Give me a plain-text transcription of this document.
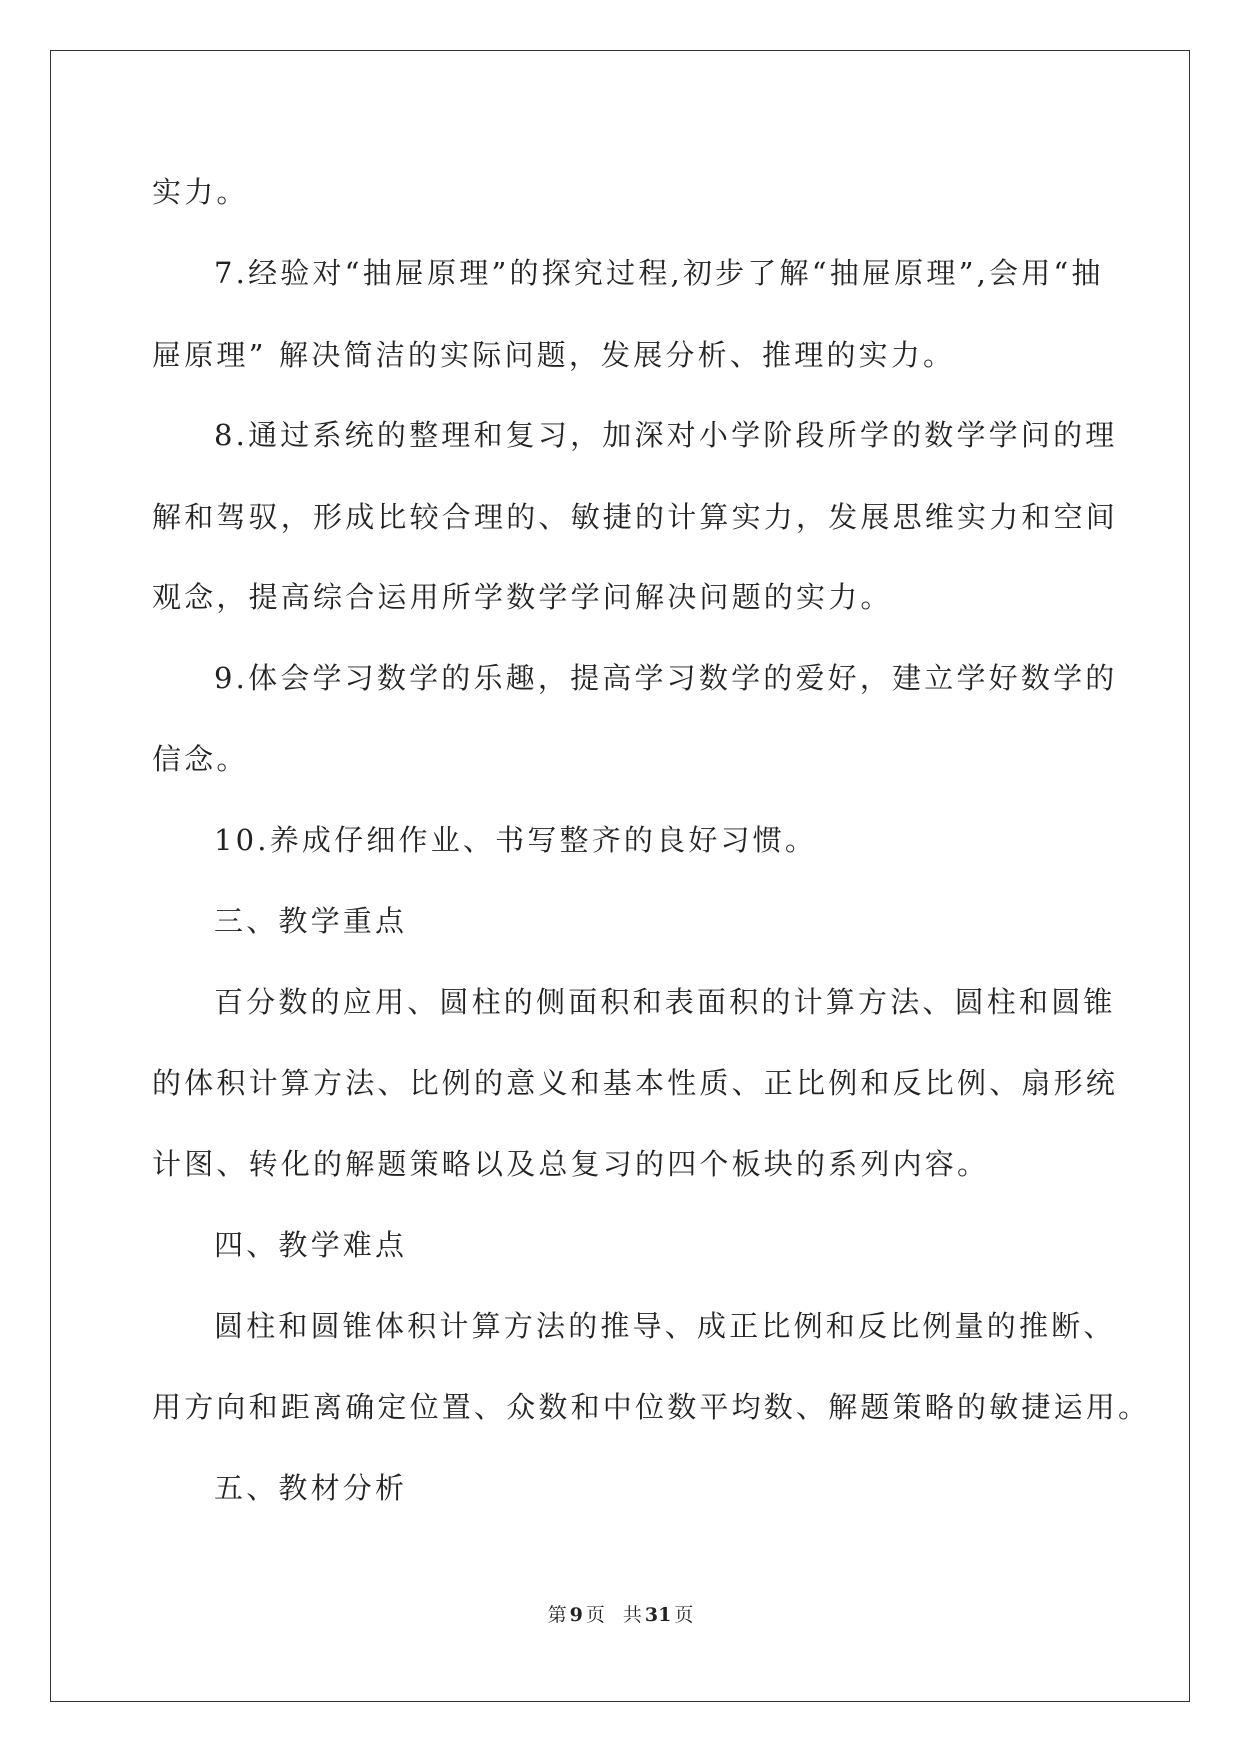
实力。
7.经验对“抽屉原理”的探究过程,初步了解“抽屉原理”,会用“抽
屉原理” 解决简洁的实际问题，发展分析、推理的实力。
8.通过系统的整理和复习，加深对小学阶段所学的数学学问的理
解和驾驭，形成比较合理的、敏捷的计算实力，发展思维实力和空间
观念，提高综合运用所学数学学问解决问题的实力。
9.体会学习数学的乐趣，提高学习数学的爱好，建立学好数学的
信念。
10.养成仔细作业、书写整齐的良好习惯。
三、教学重点
百分数的应用、圆柱的侧面积和表面积的计算方法、圆柱和圆锥
的体积计算方法、比例的意义和基本性质、正比例和反比例、扇形统
计图、转化的解题策略以及总复习的四个板块的系列内容。
四、教学难点
圆柱和圆锥体积计算方法的推导、成正比例和反比例量的推断、
用方向和距离确定位置、众数和中位数平均数、解题策略的敏捷运用。
五、教材分析
第 9 页 共 31 页
